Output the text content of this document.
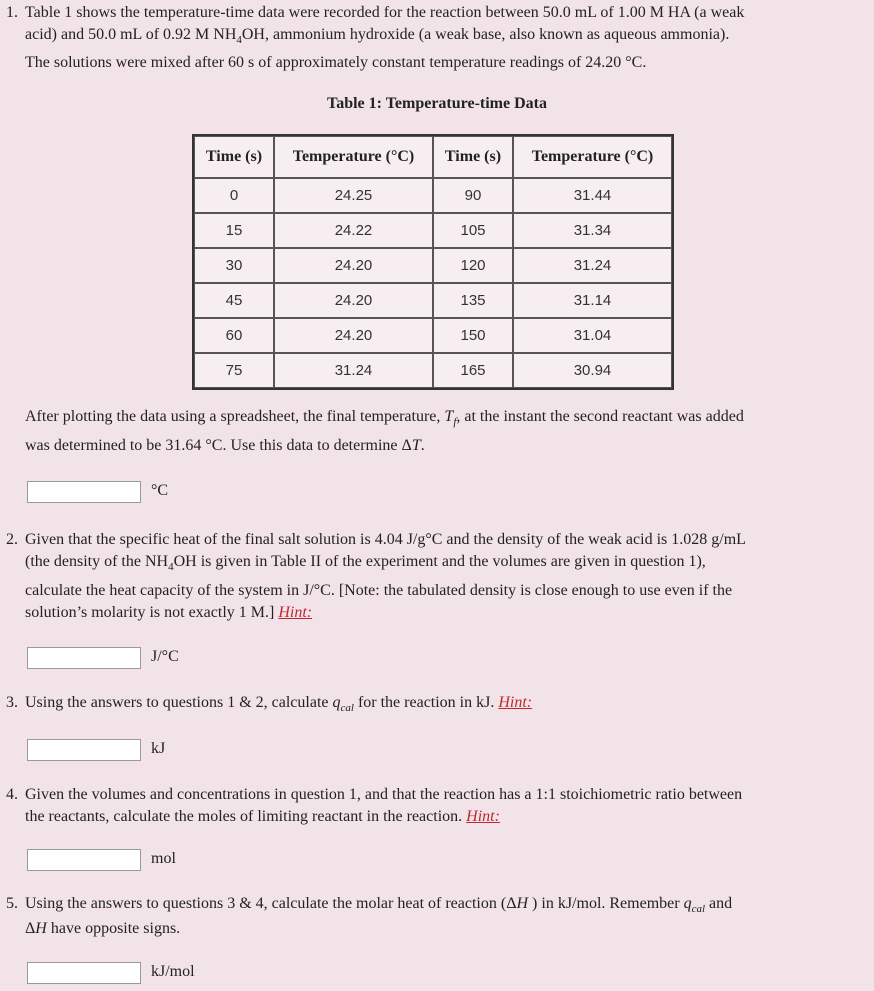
1. Table 1 shows the temperature-time data were recorded for the reaction between 50.0 mL of 1.00 M HA (a weak
acid) and 50.0 mL of 0.92 M $NH_4OH$, ammonium hydroxide (a weak base, also known as aqueous ammonia).
The solutions were mixed after 60 s of approximately constant temperature readings of 24.20 °C.
Table 1: Temperature-time Data
Time (s)	Temperature (°C)	Time (s)	Temperature (°C)
0	24.25	90	31.44
15	24.22	105	31.34
30	24.20	120	31.24
45	24.20	135	31.14
60	24.20	150	31.04
75	31.24	165	30.94
After plotting the data using a spreadsheet, the final temperature, $T_f$, at the instant the second reactant was added
was determined to be 31.64 °C. Use this data to determine ΔT.
°C
2. Given that the specific heat of the final salt solution is 4.04 J/g°C and the density of the weak acid is 1.028 g/mL
(the density of the $NH_4OH$ is given in Table II of the experiment and the volumes are given in question 1),
calculate the heat capacity of the system in J/°C. [Note: the tabulated density is close enough to use even if the
solution’s molarity is not exactly 1 M.] Hint:
J/°C
3. Using the answers to questions 1 & 2, calculate $q_{cal}$ for the reaction in kJ. Hint:
kJ
4. Given the volumes and concentrations in question 1, and that the reaction has a 1:1 stoichiometric ratio between
the reactants, calculate the moles of limiting reactant in the reaction. Hint:
mol
5. Using the answers to questions 3 & 4, calculate the molar heat of reaction (ΔH ) in kJ/mol. Remember $q_{cal}$ and
ΔH have opposite signs.
kJ/mol
